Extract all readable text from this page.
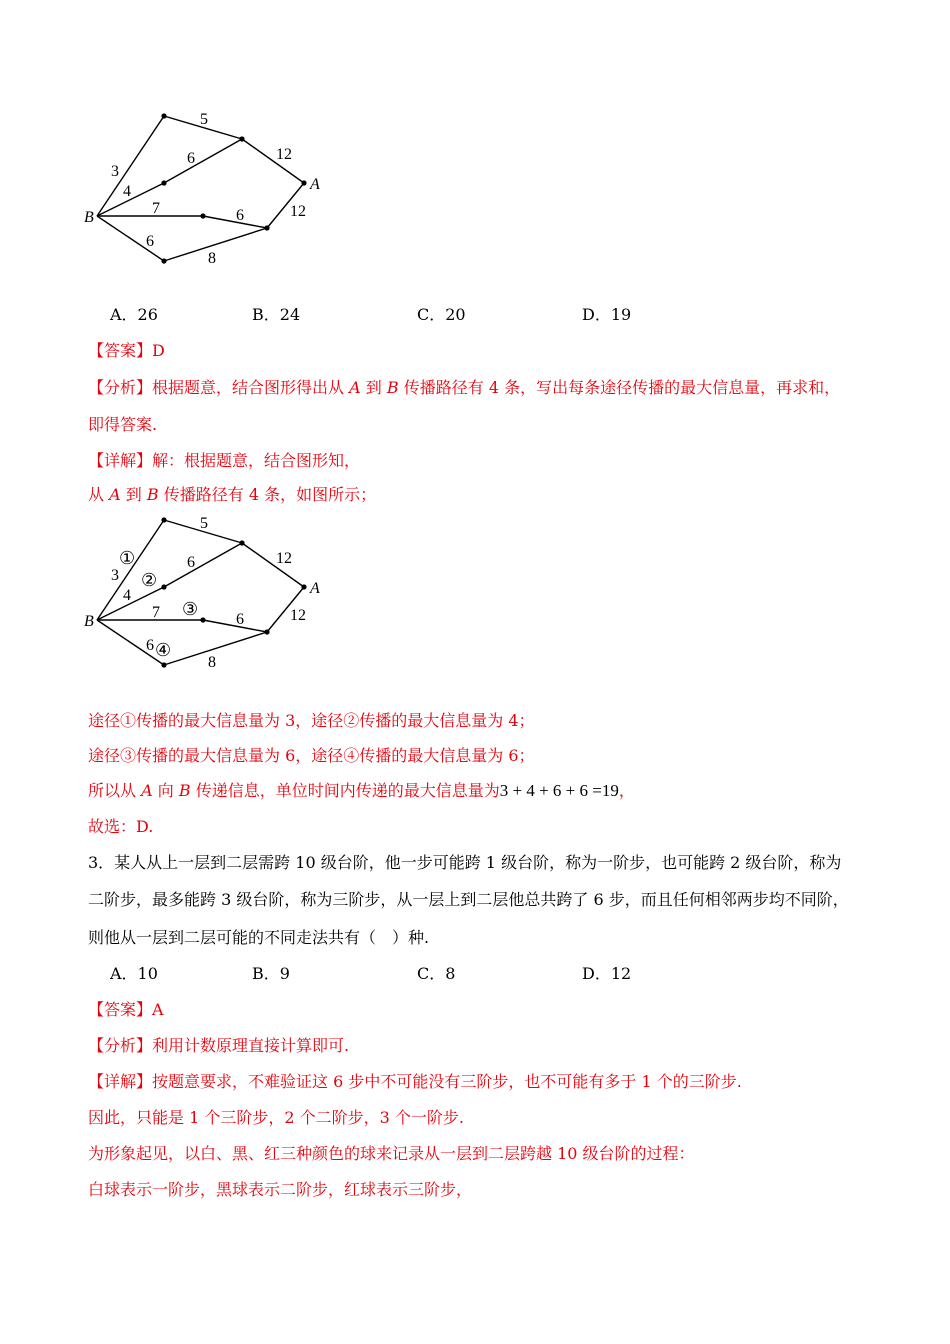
3
4
5
6	12
7	6	12
6
8
A
B
A．26	B．24	C．20	D．19
【答案】D
【分析】根据题意，结合图形得出从 A 到 B 传播路径有 4 条，写出每条途径传播的最大信息量，再求和，
即得答案.
【详解】解：根据题意，结合图形知，
从 A 到 B 传播路径有 4 条，如图所示；
3
4
5
6	12
7	6	12
6
8
A
B
①
②
③
④
途径①传播的最大信息量为 3，途径②传播的最大信息量为 4；
途径③传播的最大信息量为 6，途径④传播的最大信息量为 6；
所以从 A 向 B 传递信息，单位时间内传递的最大信息量为3 + 4 + 6 + 6 =19，
故选：D.
3．某人从上一层到二层需跨 10 级台阶，他一步可能跨 1 级台阶，称为一阶步，也可能跨 2 级台阶，称为
二阶步，最多能跨 3 级台阶，称为三阶步，从一层上到二层他总共跨了 6 步，而且任何相邻两步均不同阶，
则他从一层到二层可能的不同走法共有（　）种.
A．10	B．9	C．8	D．12
【答案】A
【分析】利用计数原理直接计算即可.
【详解】按题意要求，不难验证这 6 步中不可能没有三阶步，也不可能有多于 1 个的三阶步.
因此，只能是 1 个三阶步，2 个二阶步，3 个一阶步.
为形象起见，以白、黑、红三种颜色的球来记录从一层到二层跨越 10 级台阶的过程：
白球表示一阶步，黑球表示二阶步，红球表示三阶步，
